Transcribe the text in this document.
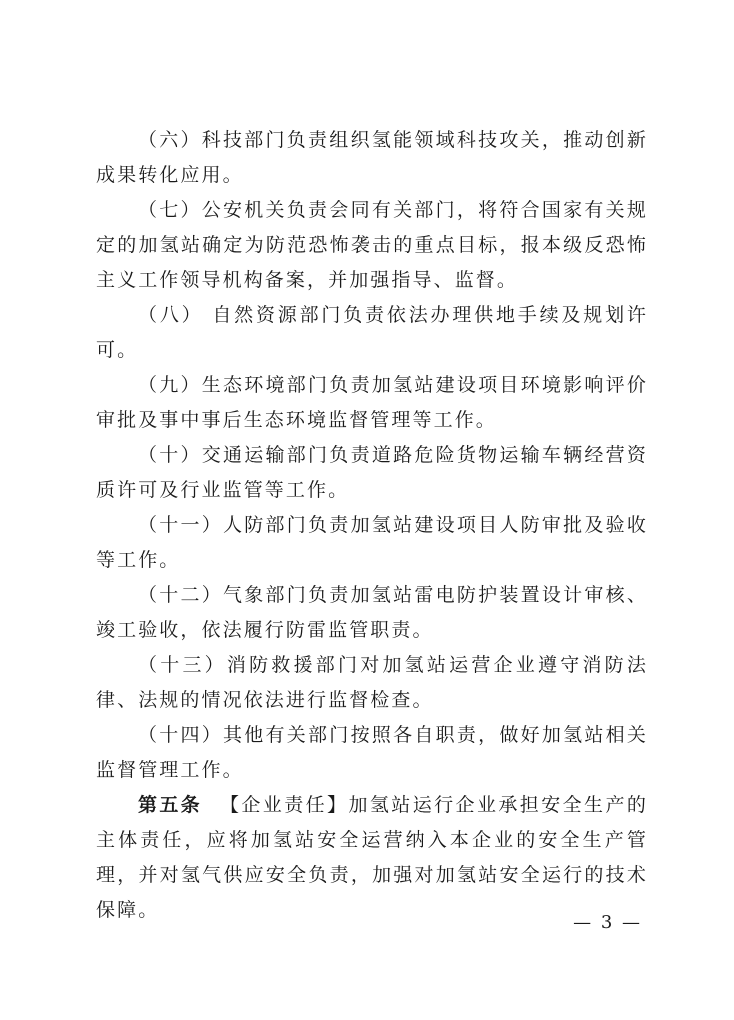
（六）科技部门负责组织氢能领域科技攻关，推动创新成果转化应用。

（七）公安机关负责会同有关部门，将符合国家有关规定的加氢站确定为防范恐怖袭击的重点目标，报本级反恐怖主义工作领导机构备案，并加强指导、监督。

（八） 自然资源部门负责依法办理供地手续及规划许可。

（九）生态环境部门负责加氢站建设项目环境影响评价审批及事中事后生态环境监督管理等工作。

（十）交通运输部门负责道路危险货物运输车辆经营资质许可及行业监管等工作。

（十一）人防部门负责加氢站建设项目人防审批及验收等工作。

（十二）气象部门负责加氢站雷电防护装置设计审核、竣工验收，依法履行防雷监管职责。

（十三）消防救援部门对加氢站运营企业遵守消防法律、法规的情况依法进行监督检查。

（十四）其他有关部门按照各自职责，做好加氢站相关监督管理工作。

第五条 【企业责任】加氢站运行企业承担安全生产的主体责任，应将加氢站安全运营纳入本企业的安全生产管理，并对氢气供应安全负责，加强对加氢站安全运行的技术保障。

— 3 —
